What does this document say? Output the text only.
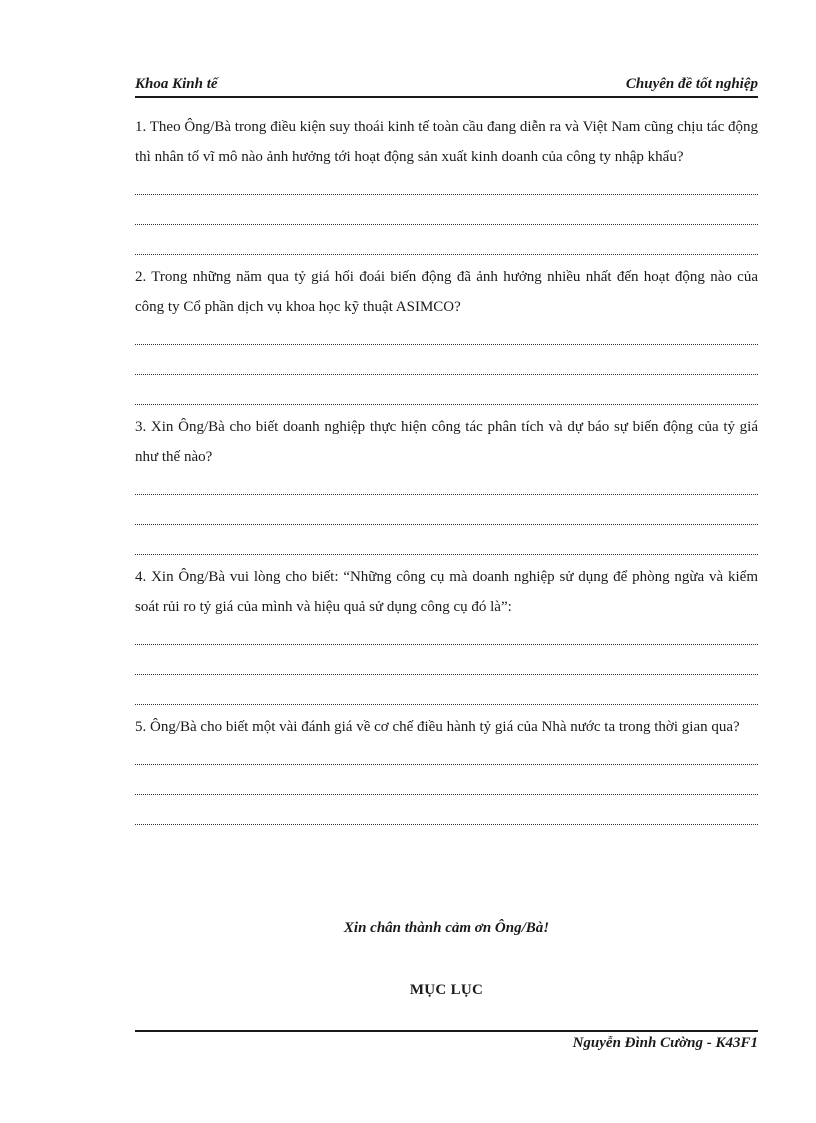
Khoa Kinh tế	Chuyên đề tốt nghiệp

1. Theo Ông/Bà trong điều kiện suy thoái kinh tế toàn cầu đang diễn ra và Việt Nam cũng chịu tác động thì nhân tố vĩ mô nào ảnh hưởng tới hoạt động sản xuất kinh doanh của công ty nhập khẩu?

2. Trong những năm qua tỷ giá hối đoái biến động đã ảnh hưởng nhiều nhất đến hoạt động nào của công ty Cổ phần dịch vụ khoa học kỹ thuật ASIMCO?

3. Xin Ông/Bà cho biết doanh nghiệp thực hiện công tác phân tích và dự báo sự biến động của tỷ giá như thế nào?

4. Xin Ông/Bà vui lòng cho biết: “Những công cụ mà doanh nghiệp sử dụng để phòng ngừa và kiểm soát rủi ro tỷ giá của mình và hiệu quả sử dụng công cụ đó là”:

5. Ông/Bà cho biết một vài đánh giá về cơ chế điều hành tỷ giá của Nhà nước ta trong thời gian qua?

Xin chân thành cảm ơn Ông/Bà!
MỤC LỤC
Nguyễn Đình Cường - K43F1
